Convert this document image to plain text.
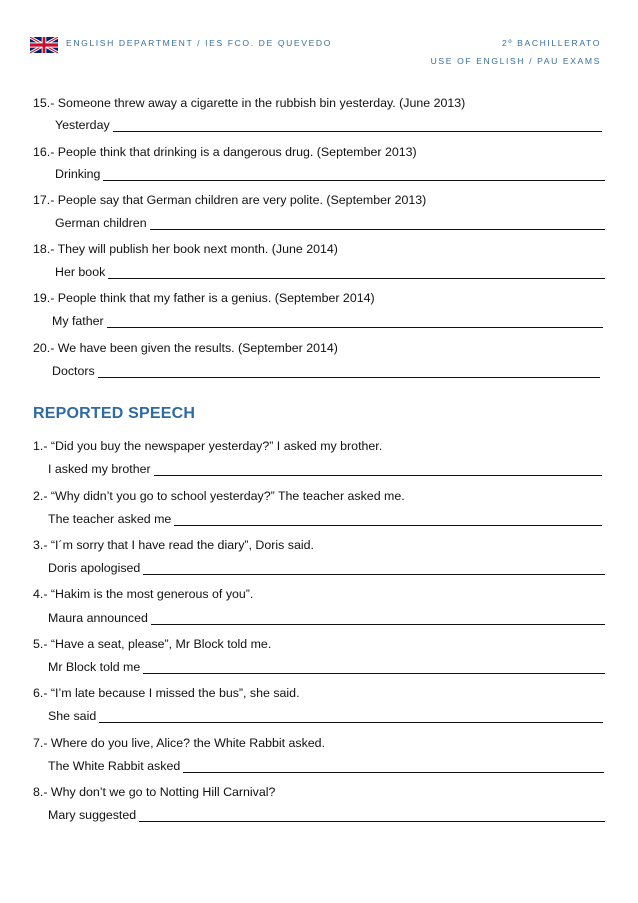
ENGLISH DEPARTMENT / IES FCO. DE QUEVEDO	2º BACHILLERATO
USE OF ENGLISH / PAU EXAMS
15.- Someone threw away a cigarette in the rubbish bin yesterday. (June 2013)
Yesterday
16.- People think that drinking is a dangerous drug. (September 2013)
Drinking
17.- People say that German children are very polite. (September 2013)
German children
18.- They will publish her book next month. (June 2014)
Her book
19.- People think that my father is a genius. (September 2014)
My father
20.- We have been given the results. (September 2014)
Doctors
REPORTED SPEECH
1.- “Did you buy the newspaper yesterday?” I asked my brother.
I asked my brother
2.- “Why didn’t you go to school yesterday?” The teacher asked me.
The teacher asked me
3.- “I´m sorry that I have read the diary”, Doris said.
Doris apologised
4.- “Hakim is the most generous of you”.
Maura announced
5.- “Have a seat, please”, Mr Block told me.
Mr Block told me
6.- “I’m late because I missed the bus”, she said.
She said
7.- Where do you live, Alice? the White Rabbit asked.
The White Rabbit asked
8.- Why don’t we go to Notting Hill Carnival?
Mary suggested
